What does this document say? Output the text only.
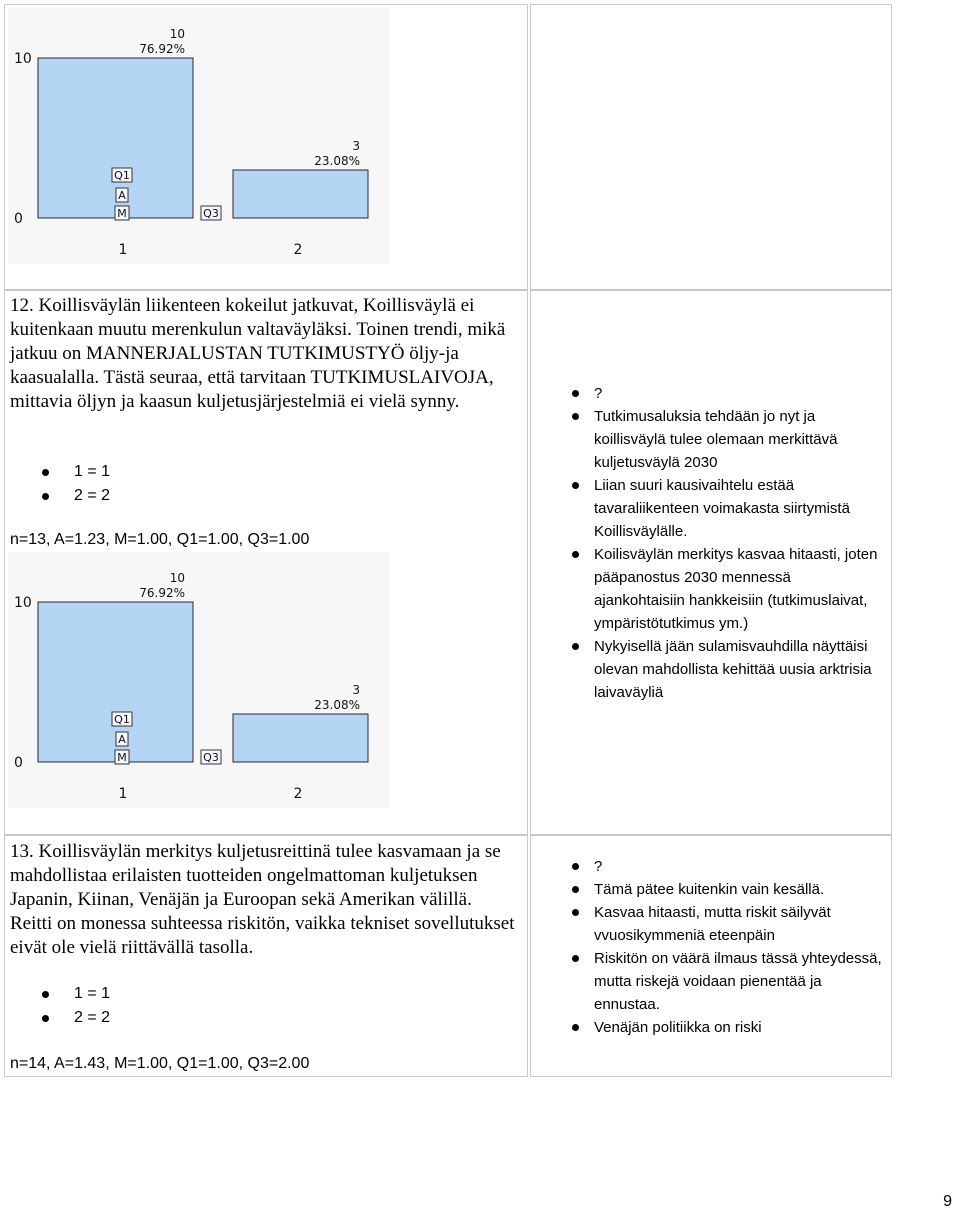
10
0
10
76.92%
1
3
23.08%
2
Q1
A
M	Q3

12. Koillisväylän liikenteen kokeilut jatkuvat, Koillisväylä ei kuitenkaan muutu merenkulun valtaväyläksi. Toinen trendi, mikä jatkuu on MANNERJALUSTAN TUTKIMUSTYÖ öljy-ja kaasualalla. Tästä seuraa, että tarvitaan TUTKIMUSLAIVOJA, mittavia öljyn ja kaasun kuljetusjärjestelmiä ei vielä synny.

1 = 1
2 = 2

n=13, A=1.23, M=1.00, Q1=1.00, Q3=1.00

10
0
10
76.92%
1
3
23.08%
2
Q1
A
M	Q3
?
Tutkimusaluksia tehdään jo nyt ja koillisväylä tulee olemaan merkittävä kuljetusväylä 2030
Liian suuri kausivaihtelu estää tavaraliikenteen voimakasta siirtymistä Koillisväylälle.
Koilisväylän merkitys kasvaa hitaasti, joten pääpanostus 2030 mennessä ajankohtaisiin hankkeisiin (tutkimuslaivat, ympäristötutkimus ym.)
Nykyisellä jään sulamisvauhdilla näyttäisi olevan mahdollista kehittää uusia arktrisia laivaväyliä

13. Koillisväylän merkitys kuljetusreittinä tulee kasvamaan ja se mahdollistaa erilaisten tuotteiden ongelmattoman kuljetuksen Japanin, Kiinan, Venäjän ja Euroopan sekä Amerikan välillä. Reitti on monessa suhteessa riskitön, vaikka tekniset sovellutukset eivät ole vielä riittävällä tasolla.

1 = 1
2 = 2

n=14, A=1.43, M=1.00, Q1=1.00, Q3=2.00

?
Tämä pätee kuitenkin vain kesällä.
Kasvaa hitaasti, mutta riskit säilyvät vvuosikymmeniä eteenpäin
Riskitön on väärä ilmaus tässä yhteydessä, mutta riskejä voidaan pienentää ja ennustaa.
Venäjän politiikka on riski
9
